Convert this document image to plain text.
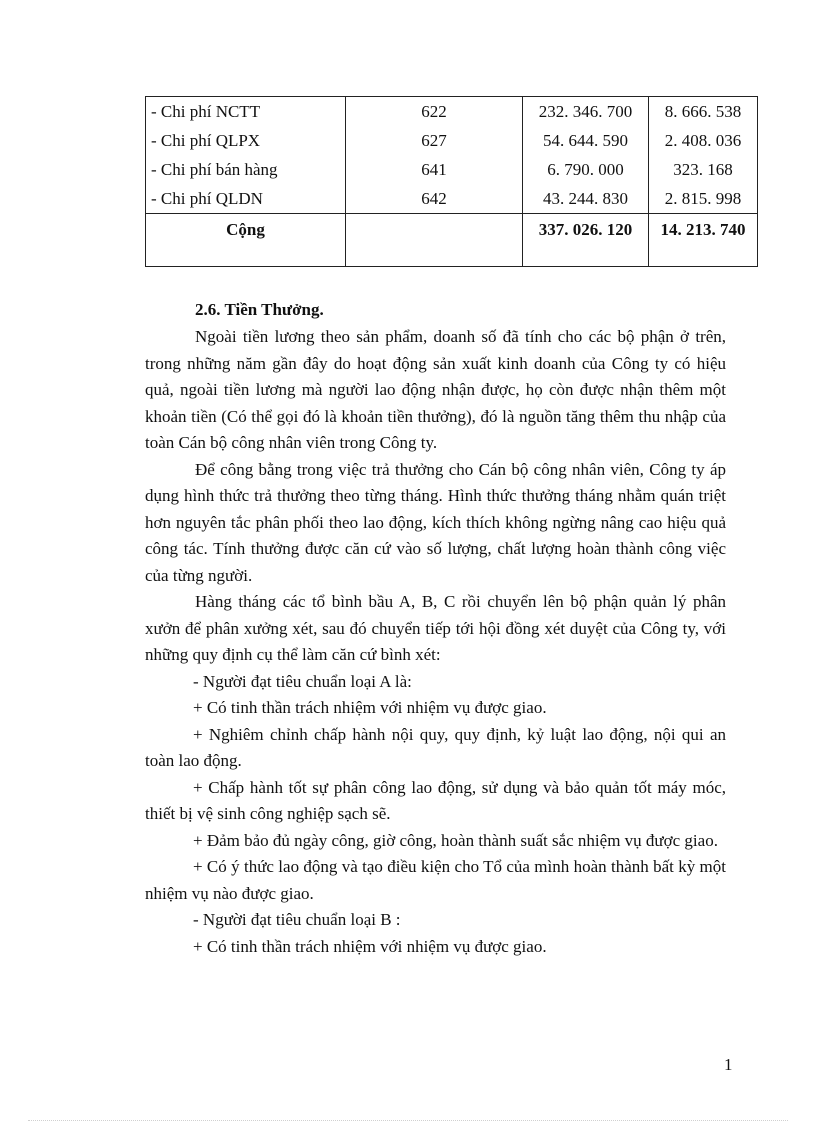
- Chi phí NCTT	622	232. 346. 700	8. 666. 538
- Chi phí QLPX	627	54. 644. 590	2. 408. 036
- Chi phí bán hàng	641	6. 790. 000	323. 168
- Chi phí QLDN	642	43. 244. 830	2. 815. 998
Cộng		337. 026. 120	14. 213. 740
2.6. Tiền Thưởng.

Ngoài tiền lương theo sản phẩm, doanh số đã tính cho các bộ phận ở trên, trong những năm gần đây do hoạt động sản xuất kinh doanh của Công ty có hiệu quả, ngoài tiền lương mà người lao động nhận được, họ còn được nhận thêm một khoản tiền (Có thể gọi đó là khoản tiền thưởng), đó là nguồn tăng thêm thu nhập của toàn Cán bộ công nhân viên trong Công ty.

Để công bằng trong việc trả thưởng cho Cán bộ công nhân viên, Công ty áp dụng hình thức trả thưởng theo từng tháng. Hình thức thưởng tháng nhằm quán triệt hơn nguyên tắc phân phối theo lao động, kích thích không ngừng nâng cao hiệu quả công tác. Tính thưởng được căn cứ vào số lượng, chất lượng hoàn thành công việc của từng người.

Hàng tháng các tổ bình bầu A, B, C rồi chuyển lên bộ phận quản lý phân xưởn để phân xưởng xét, sau đó chuyển tiếp tới hội đồng xét duyệt của Công ty, với những quy định cụ thể làm căn cứ bình xét:

- Người đạt tiêu chuẩn loại A là:

+ Có tinh thần trách nhiệm với nhiệm vụ được giao.

+ Nghiêm chỉnh chấp hành nội quy, quy định, kỷ luật lao động, nội qui an toàn lao động.

+ Chấp hành tốt sự phân công lao động, sử dụng và bảo quản tốt máy móc, thiết bị vệ sinh công nghiệp sạch sẽ.

+ Đảm bảo đủ ngày công, giờ công, hoàn thành suất sắc nhiệm vụ được giao.

+ Có ý thức lao động và tạo điều kiện cho Tổ của mình hoàn thành bất kỳ một nhiệm vụ nào được giao.

- Người đạt tiêu chuẩn loại B :

+ Có tinh thần trách nhiệm với nhiệm vụ được giao.

1
